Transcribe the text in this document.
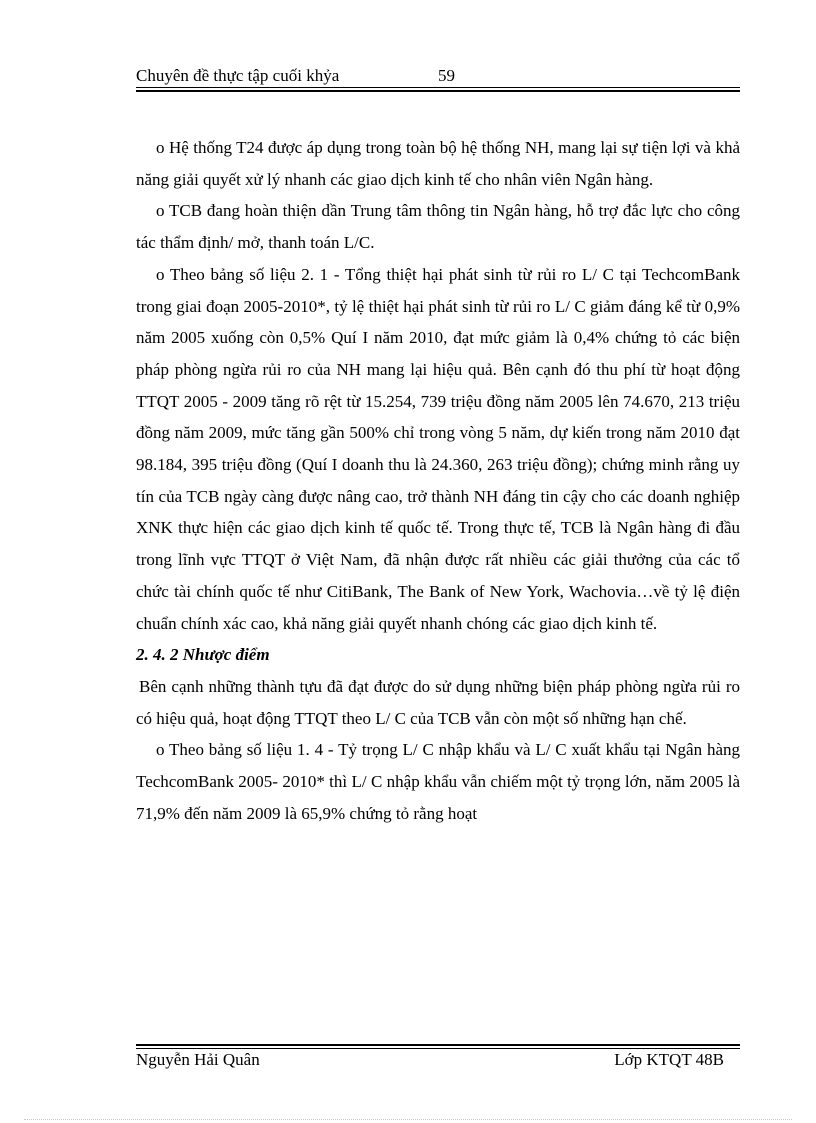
Chuyên đề thực tập cuối khỷa	59

o Hệ thống T24 được áp dụng trong toàn bộ hệ thống NH, mang lại sự tiện lợi và khả năng giải quyết xử lý nhanh các giao dịch kinh tế cho nhân viên Ngân hàng.

o TCB đang hoàn thiện dần Trung tâm thông tin Ngân hàng, hỗ trợ đắc lực cho công tác thẩm định/ mở, thanh toán L/C.

o Theo bảng số liệu 2. 1 - Tổng thiệt hại phát sinh từ rủi ro L/ C tại TechcomBank trong giai đoạn 2005-2010*, tỷ lệ thiệt hại phát sinh từ rủi ro L/ C giảm đáng kể từ 0,9% năm 2005 xuống còn 0,5% Quí I năm 2010, đạt mức giảm là 0,4% chứng tỏ các biện pháp phòng ngừa rủi ro của NH mang lại hiệu quả. Bên cạnh đó thu phí từ hoạt động TTQT 2005 - 2009 tăng rõ rệt từ 15.254, 739 triệu đồng năm 2005 lên 74.670, 213 triệu đồng năm 2009, mức tăng gần 500% chỉ trong vòng 5 năm, dự kiến trong năm 2010 đạt 98.184, 395 triệu đồng (Quí I doanh thu là 24.360, 263 triệu đồng); chứng minh rằng uy tín của TCB ngày càng được nâng cao, trở thành NH đáng tin cậy cho các doanh nghiệp XNK thực hiện các giao dịch kinh tế quốc tế. Trong thực tế, TCB là Ngân hàng đi đầu trong lĩnh vực TTQT ở Việt Nam, đã nhận được rất nhiều các giải thưởng của các tổ chức tài chính quốc tế như CitiBank, The Bank of New York, Wachovia…về tỷ lệ điện chuẩn chính xác cao, khả năng giải quyết nhanh chóng các giao dịch kinh tế.

2. 4. 2 Nhược điểm

Bên cạnh những thành tựu đã đạt được do sử dụng những biện pháp phòng ngừa rủi ro có hiệu quả, hoạt động TTQT theo L/ C của TCB vẫn còn một số những hạn chế.

o Theo bảng số liệu 1. 4 - Tỷ trọng L/ C nhập khẩu và L/ C xuất khẩu tại Ngân hàng TechcomBank 2005- 2010* thì L/ C nhập khẩu vẫn chiếm một tỷ trọng lớn, năm 2005 là 71,9% đến năm 2009 là 65,9% chứng tỏ rằng hoạt

Nguyễn Hải Quân	Lớp KTQT 48B
